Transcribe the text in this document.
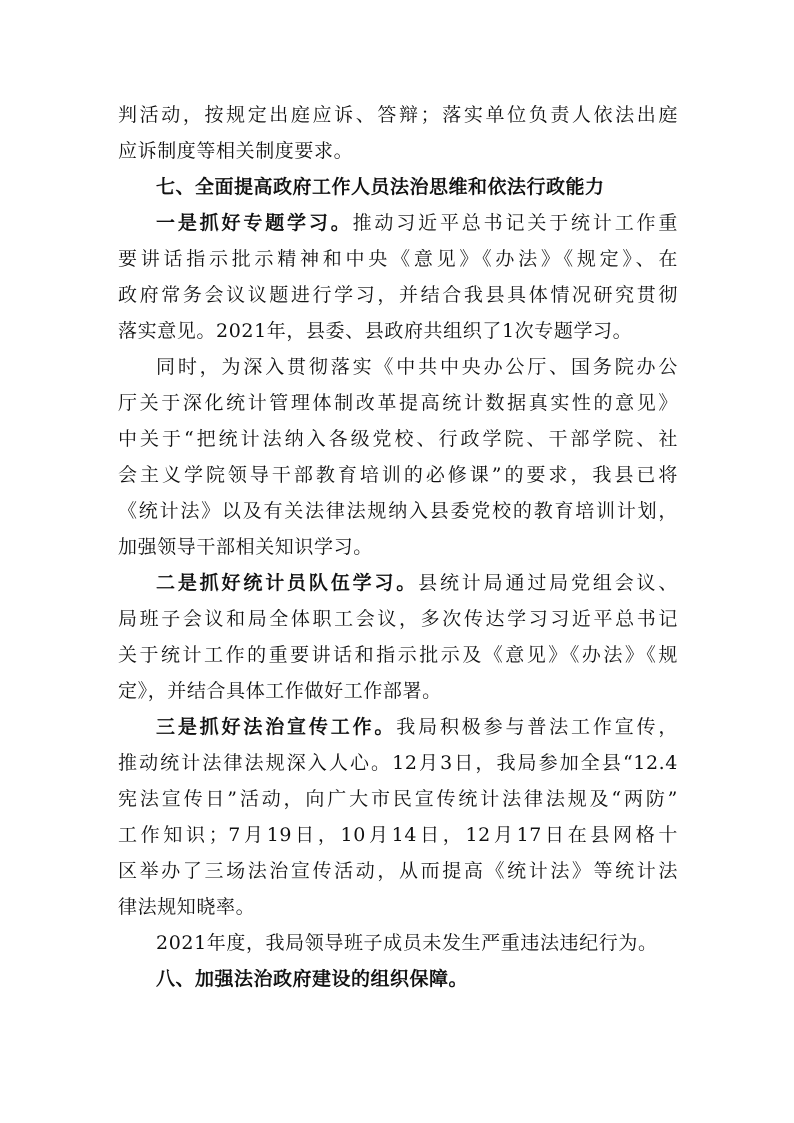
判活动，按规定出庭应诉、答辩；落实单位负责人依法出庭
应诉制度等相关制度要求。
七、全面提高政府工作人员法治思维和依法行政能力
一是抓好专题学习。推动习近平总书记关于统计工作重
要讲话指示批示精神和中央《意见》《办法》《规定》、在
政府常务会议议题进行学习，并结合我县具体情况研究贯彻
落实意见。2021年，县委、县政府共组织了1次专题学习。
同时，为深入贯彻落实《中共中央办公厅、国务院办公
厅关于深化统计管理体制改革提高统计数据真实性的意见》
中关于“把统计法纳入各级党校、行政学院、干部学院、社
会主义学院领导干部教育培训的必修课”的要求，我县已将
《统计法》以及有关法律法规纳入县委党校的教育培训计划，
加强领导干部相关知识学习。
二是抓好统计员队伍学习。县统计局通过局党组会议、
局班子会议和局全体职工会议，多次传达学习习近平总书记
关于统计工作的重要讲话和指示批示及《意见》《办法》《规
定》，并结合具体工作做好工作部署。
三是抓好法治宣传工作。我局积极参与普法工作宣传，
推动统计法律法规深入人心。12月3日，我局参加全县“12.4
宪法宣传日”活动，向广大市民宣传统计法律法规及“两防”
工作知识；7月19日，10月14日，12月17日在县网格十
区举办了三场法治宣传活动，从而提高《统计法》等统计法
律法规知晓率。
2021年度，我局领导班子成员未发生严重违法违纪行为。
八、加强法治政府建设的组织保障。
